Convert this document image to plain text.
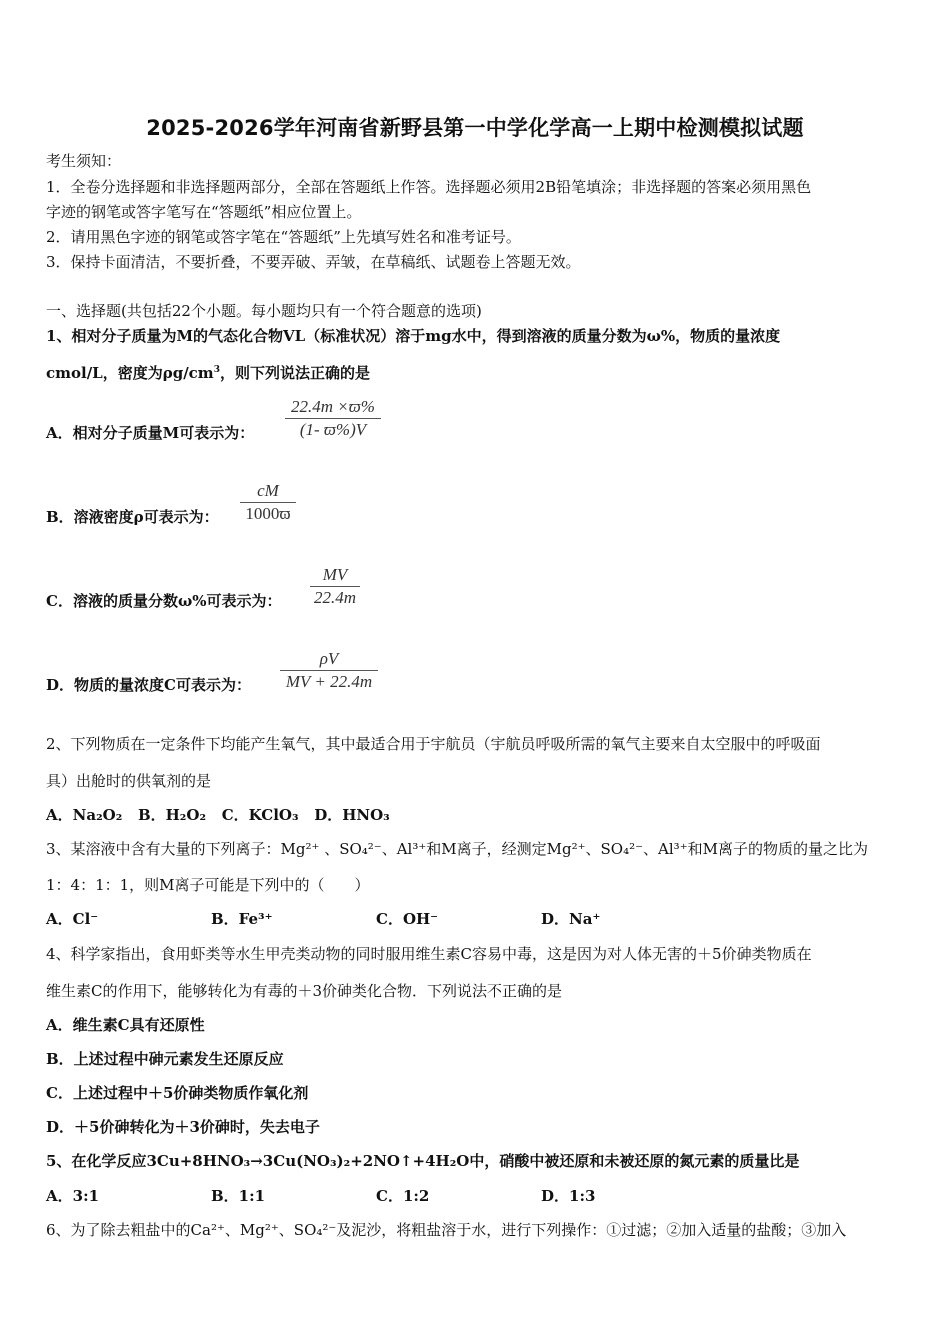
2025-2026学年河南省新野县第一中学化学高一上期中检测模拟试题
考生须知：
1．全卷分选择题和非选择题两部分，全部在答题纸上作答。选择题必须用2B铅笔填涂；非选择题的答案必须用黑色
字迹的钢笔或答字笔写在“答题纸”相应位置上。
2．请用黑色字迹的钢笔或答字笔在“答题纸”上先填写姓名和准考证号。
3．保持卡面清洁，不要折叠，不要弄破、弄皱，在草稿纸、试题卷上答题无效。
一、选择题(共包括22个小题。每小题均只有一个符合题意的选项)
1、相对分子质量为M的气态化合物VL（标准状况）溶于mg水中，得到溶液的质量分数为ω%，物质的量浓度
cmol/L，密度为$\rho g/cm^3$，则下列说法正确的是
A．相对分子质量M可表示为：
22.4m ×ϖ%
(1- ϖ%)V
B．溶液密度ρ可表示为：
cM
1000ϖ
C．溶液的质量分数ω%可表示为：
MV
22.4m
D．物质的量浓度C可表示为：
ρV
MV + 22.4m
2、下列物质在一定条件下均能产生氧气，其中最适合用于宇航员（宇航员呼吸所需的氧气主要来自太空服中的呼吸面
具）出舱时的供氧剂的是
A．Na₂O₂ B．H₂O₂ C．KClO₃ D．HNO₃
3、某溶液中含有大量的下列离子：Mg²⁺ 、SO₄²⁻、Al³⁺和M离子，经测定Mg²⁺、SO₄²⁻、Al³⁺和M离子的物质的量之比为
1：4：1：1，则M离子可能是下列中的（　　）
A．Cl⁻	B．Fe³⁺	C．OH⁻	D．Na⁺
4、科学家指出，食用虾类等水生甲壳类动物的同时服用维生素C容易中毒，这是因为对人体无害的＋5价砷类物质在
维生素C的作用下，能够转化为有毒的＋3价砷类化合物．下列说法不正确的是
A．维生素C具有还原性
B．上述过程中砷元素发生还原反应
C．上述过程中＋5价砷类物质作氧化剂
D．＋5价砷转化为＋3价砷时，失去电子
5、在化学反应3Cu+8HNO₃→3Cu(NO₃)₂+2NO↑+4H₂O中，硝酸中被还原和未被还原的氮元素的质量比是
A．3:1	B．1:1	C．1:2	D．1:3
6、为了除去粗盐中的Ca²⁺、Mg²⁺、SO₄²⁻及泥沙，将粗盐溶于水，进行下列操作：①过滤；②加入适量的盐酸；③加入
